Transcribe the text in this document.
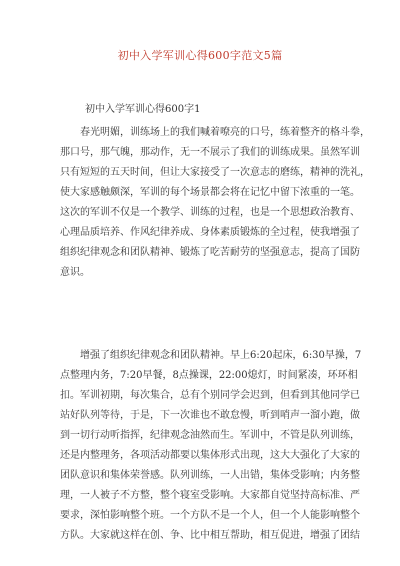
初中入学军训心得600字范文5篇
初中入学军训心得600字1
春光明媚，训练场上的我们喊着嘹亮的口号，练着整齐的格斗拳，
那口号，那气魄，那动作，无一不展示了我们的训练成果。虽然军训
只有短短的五天时间，但让大家接受了一次意志的磨练，精神的洗礼，
使大家感触颇深，军训的每个场景都会将在记忆中留下浓重的一笔。
这次的军训不仅是一个教学、训练的过程，也是一个思想政治教育、
心理品质培养、作风纪律养成、身体素质锻炼的全过程，使我增强了
组织纪律观念和团队精神、锻炼了吃苦耐劳的坚强意志，提高了国防
意识。
增强了组织纪律观念和团队精神。早上6:20起床，6:30早操，7
点整理内务，7:20早餐，8点操课，22:00熄灯，时间紧凑，环环相
扣。军训初期，每次集合，总有个别同学会迟到，但看到其他同学已
站好队列等待，于是，下一次谁也不敢怠慢，听到哨声一溜小跑，做
到一切行动听指挥，纪律观念油然而生。军训中，不管是队列训练，
还是内整理务，各项活动都要以集体形式出现，这大大强化了大家的
团队意识和集体荣誉感。队列训练，一人出错，集体受影响；内务整
理，一人被子不方整，整个寝室受影响。大家都自觉坚持高标准、严
要求，深怕影响整个班。一个方队不是一个人，但一个人能影响整个
方队。大家就这样在创、争、比中相互帮助，相互促进，增强了团结
